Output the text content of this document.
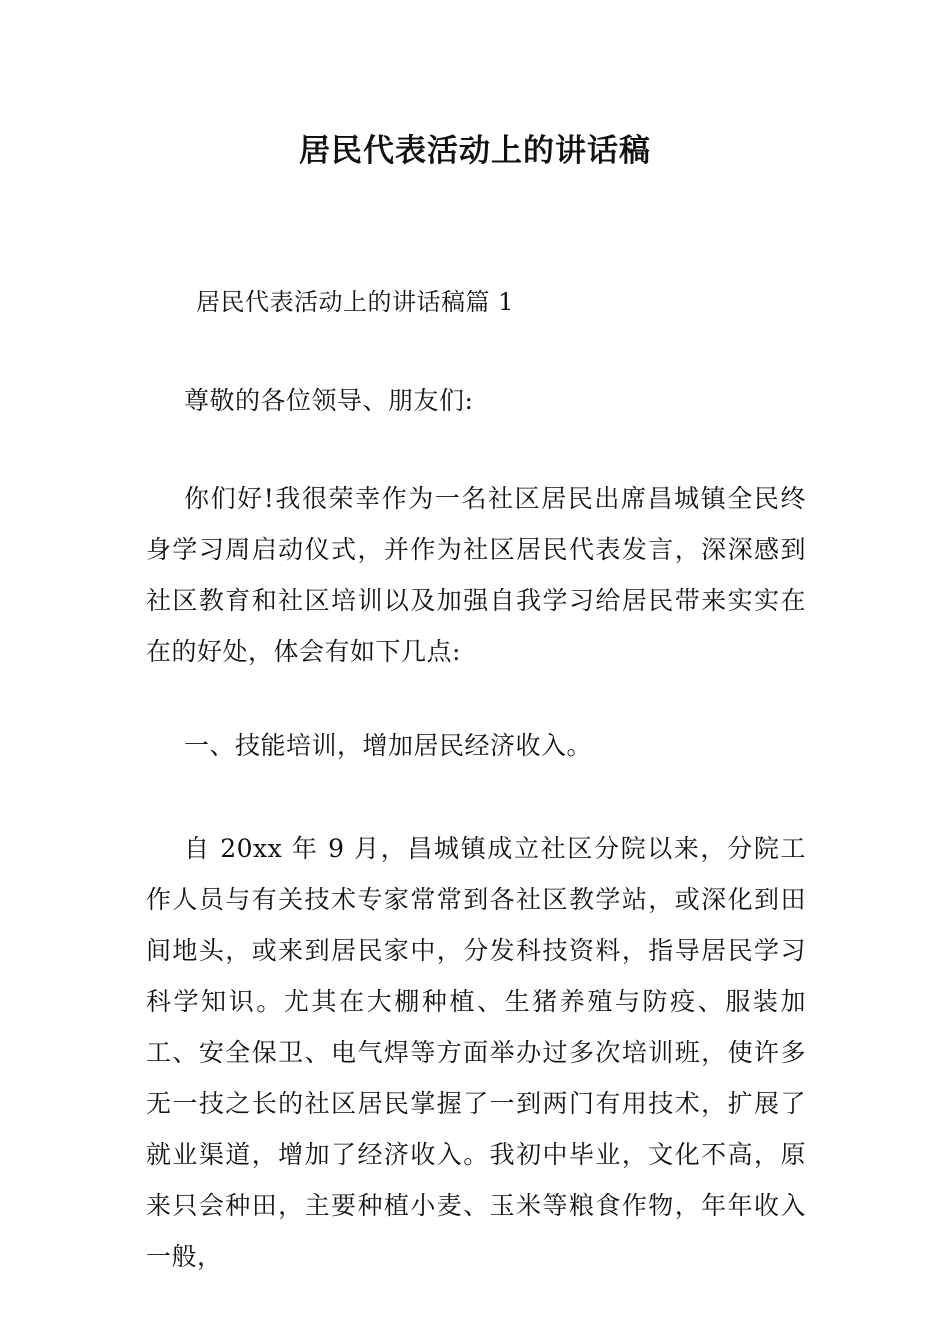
居民代表活动上的讲话稿

居民代表活动上的讲话稿篇 1

尊敬的各位领导、朋友们:

你们好!我很荣幸作为一名社区居民出席昌城镇全民终身学习周启动仪式，并作为社区居民代表发言，深深感到社区教育和社区培训以及加强自我学习给居民带来实实在在的好处，体会有如下几点:

一、技能培训，增加居民经济收入。

自 20xx 年 9 月，昌城镇成立社区分院以来，分院工作人员与有关技术专家常常到各社区教学站，或深化到田间地头，或来到居民家中，分发科技资料，指导居民学习科学知识。尤其在大棚种植、生猪养殖与防疫、服装加工、安全保卫、电气焊等方面举办过多次培训班，使许多无一技之长的社区居民掌握了一到两门有用技术，扩展了就业渠道，增加了经济收入。我初中毕业，文化不高，原来只会种田，主要种植小麦、玉米等粮食作物，年年收入一般，
